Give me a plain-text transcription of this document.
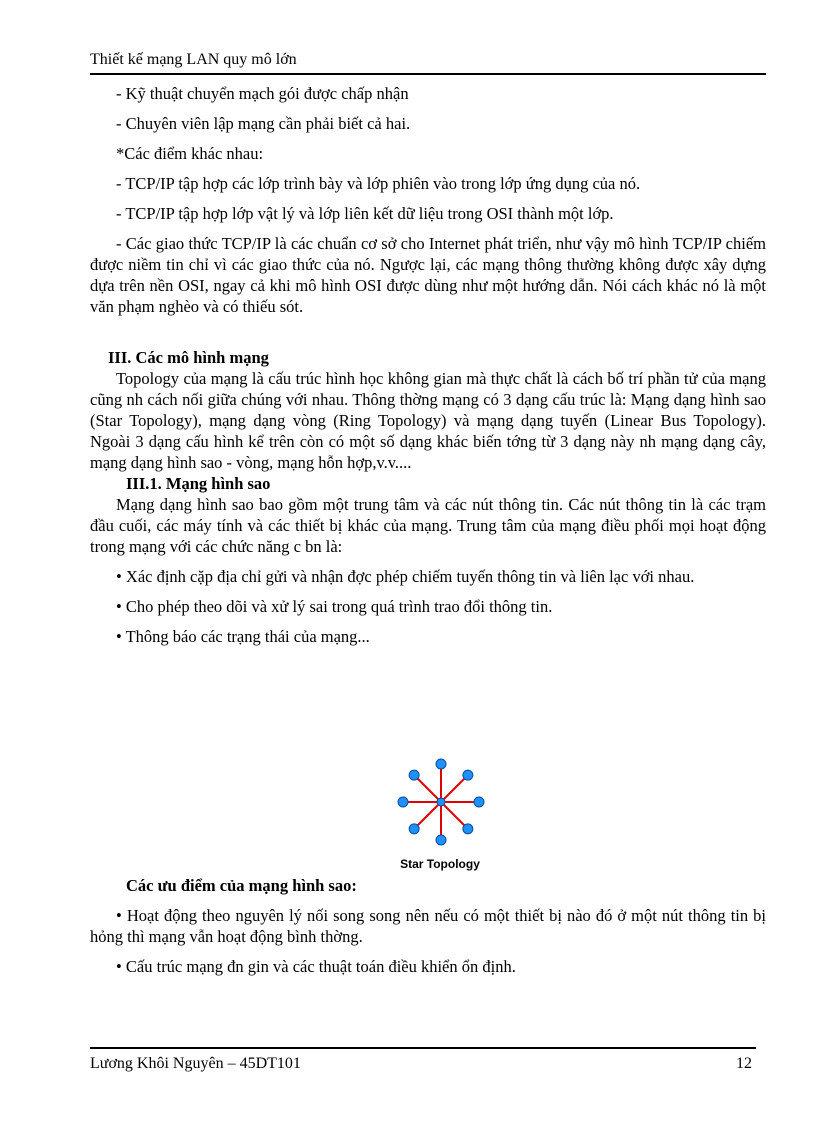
Thiết kế mạng LAN quy mô lớn

- Kỹ thuật chuyển mạch gói được chấp nhận

- Chuyên viên lập mạng cần phải biết cả hai.

*Các điểm khác nhau:

- TCP/IP tập hợp các lớp trình bày và lớp phiên vào trong lớp ứng dụng của nó.

- TCP/IP tập hợp lớp vật lý và lớp liên kết dữ liệu trong OSI thành một lớp.

- Các giao thức TCP/IP là các chuẩn cơ sở cho Internet phát triển, như vậy mô hình TCP/IP chiếm được niềm tin chỉ vì các giao thức của nó. Ngược lại, các mạng thông thường không được xây dựng dựa trên nền OSI, ngay cả khi mô hình OSI được dùng như một hướng dẫn. Nói cách khác nó là một văn phạm nghèo và có thiếu sót.

III. Các mô hình mạng

Topology của mạng là cấu trúc hình học không gian mà thực chất là cách bố trí phần tử của mạng cũng nh cách nối giữa chúng với nhau. Thông thờng mạng có 3 dạng cấu trúc là: Mạng dạng hình sao (Star Topology), mạng dạng vòng (Ring Topology) và mạng dạng tuyến (Linear Bus Topology). Ngoài 3 dạng cấu hình kể trên còn có một số dạng khác biến tớng từ 3 dạng này nh mạng dạng cây, mạng dạng hình sao - vòng, mạng hỗn hợp,v.v....

III.1. Mạng hình sao

Mạng dạng hình sao bao gồm một trung tâm và các nút thông tin. Các nút thông tin là các trạm đầu cuối, các máy tính và các thiết bị khác của mạng. Trung tâm của mạng điều phối mọi hoạt động trong mạng với các chức năng c bn là:

• Xác định cặp địa chỉ gửi và nhận đợc phép chiếm tuyến thông tin và liên lạc với nhau.

• Cho phép theo dõi và xử lý sai trong quá trình trao đổi thông tin.

• Thông báo các trạng thái của mạng...

Các ưu điểm của mạng hình sao:

• Hoạt động theo nguyên lý nối song song nên nếu có một thiết bị nào đó ở một nút thông tin bị hỏng thì mạng vẫn hoạt động bình thờng.

• Cấu trúc mạng đn gin và các thuật toán điều khiển ổn định.

Star Topology
Lương Khôi Nguyên – 45DT101	12
